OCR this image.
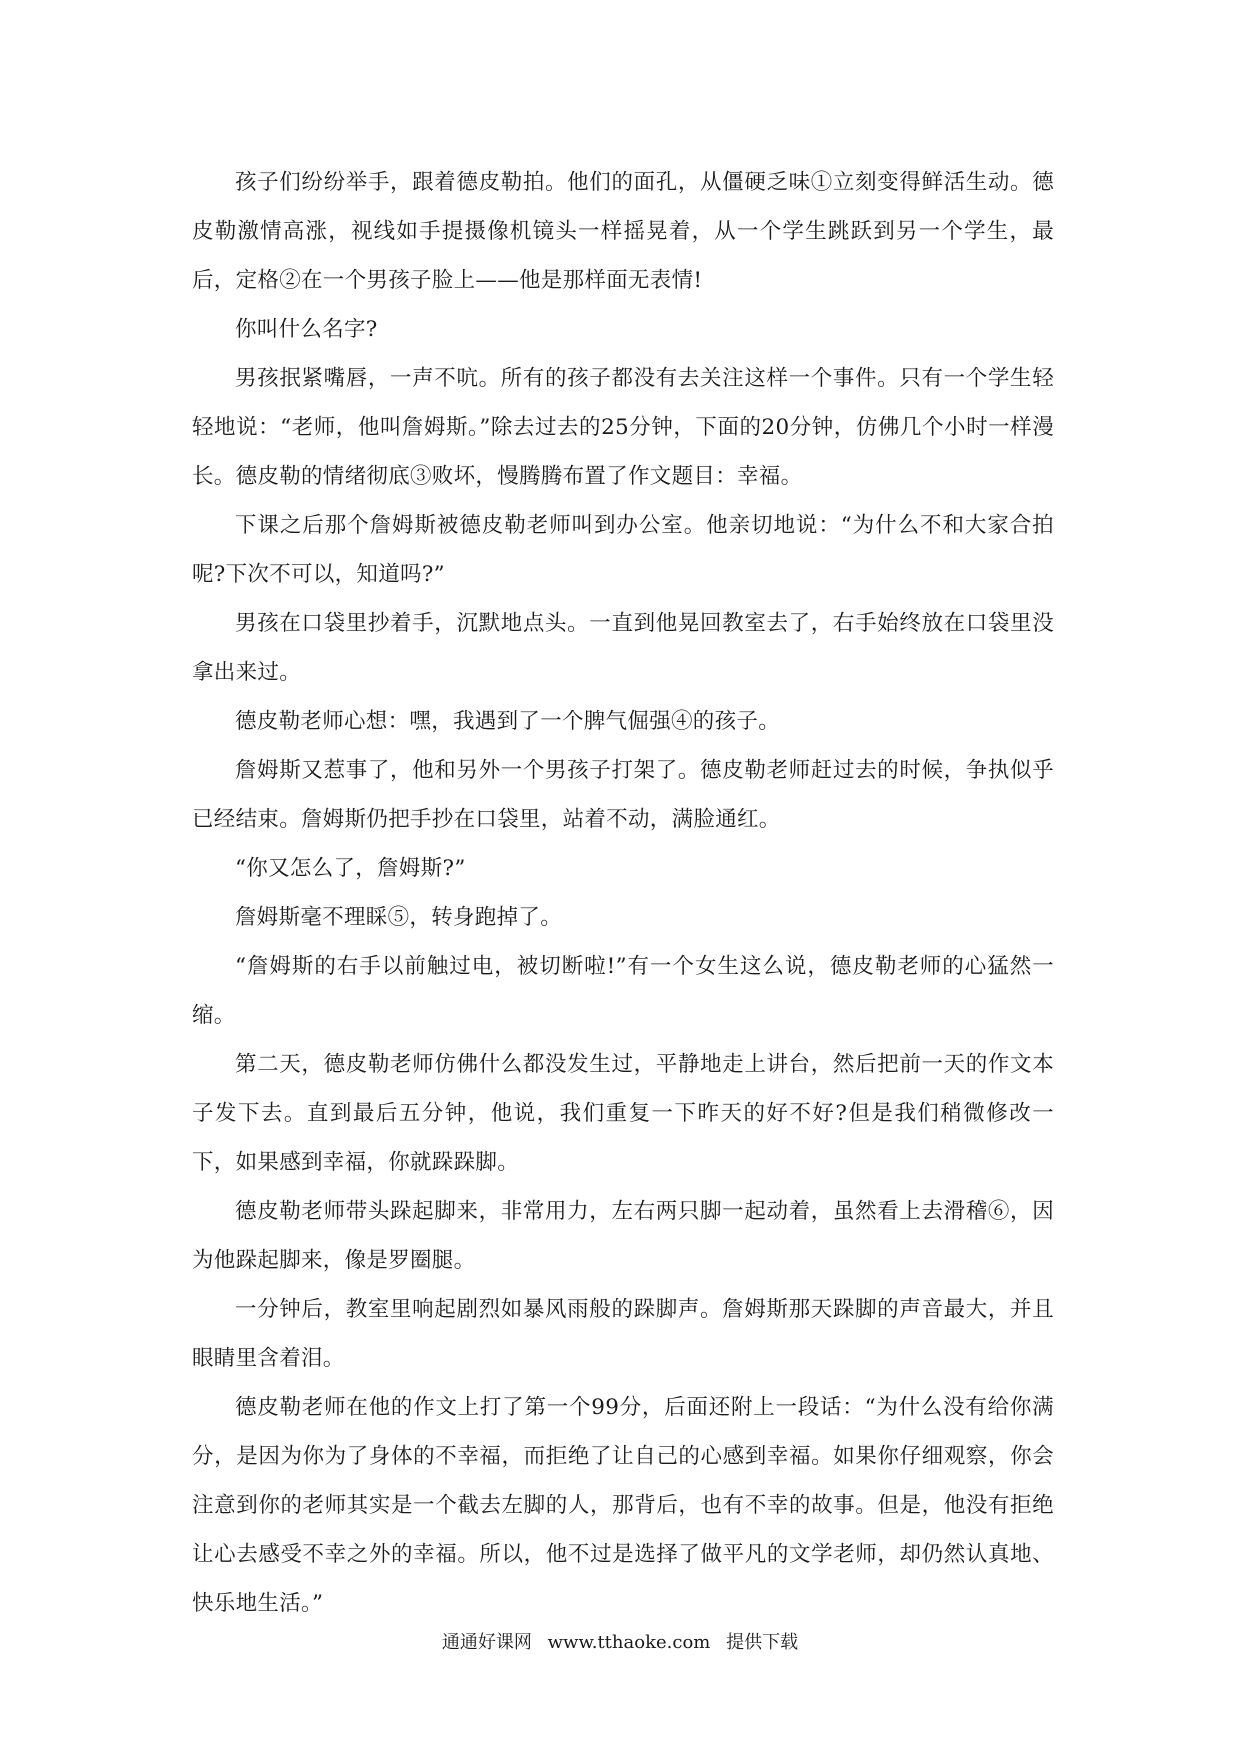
孩子们纷纷举手，跟着德皮勒拍。他们的面孔，从僵硬乏味①立刻变得鲜活生动。德皮勒激情高涨，视线如手提摄像机镜头一样摇晃着，从一个学生跳跃到另一个学生，最后，定格②在一个男孩子脸上——他是那样面无表情!

你叫什么名字?

男孩抿紧嘴唇，一声不吭。所有的孩子都没有去关注这样一个事件。只有一个学生轻轻地说：“老师，他叫詹姆斯。”除去过去的25分钟，下面的20分钟，仿佛几个小时一样漫长。德皮勒的情绪彻底③败坏，慢腾腾布置了作文题目：幸福。

下课之后那个詹姆斯被德皮勒老师叫到办公室。他亲切地说：“为什么不和大家合拍呢?下次不可以，知道吗?”

男孩在口袋里抄着手，沉默地点头。一直到他晃回教室去了，右手始终放在口袋里没拿出来过。

德皮勒老师心想：嘿，我遇到了一个脾气倔强④的孩子。

詹姆斯又惹事了，他和另外一个男孩子打架了。德皮勒老师赶过去的时候，争执似乎已经结束。詹姆斯仍把手抄在口袋里，站着不动，满脸通红。

“你又怎么了，詹姆斯?”

詹姆斯毫不理睬⑤，转身跑掉了。

“詹姆斯的右手以前触过电，被切断啦!”有一个女生这么说，德皮勒老师的心猛然一缩。

第二天，德皮勒老师仿佛什么都没发生过，平静地走上讲台，然后把前一天的作文本子发下去。直到最后五分钟，他说，我们重复一下昨天的好不好?但是我们稍微修改一下，如果感到幸福，你就跺跺脚。

德皮勒老师带头跺起脚来，非常用力，左右两只脚一起动着，虽然看上去滑稽⑥，因为他跺起脚来，像是罗圈腿。

一分钟后，教室里响起剧烈如暴风雨般的跺脚声。詹姆斯那天跺脚的声音最大，并且眼睛里含着泪。

德皮勒老师在他的作文上打了第一个99分，后面还附上一段话：“为什么没有给你满分，是因为你为了身体的不幸福，而拒绝了让自己的心感到幸福。如果你仔细观察，你会注意到你的老师其实是一个截去左脚的人，那背后，也有不幸的故事。但是，他没有拒绝让心去感受不幸之外的幸福。所以，他不过是选择了做平凡的文学老师，却仍然认真地、快乐地生活。”

通通好课网 www.tthaoke.com 提供下载
